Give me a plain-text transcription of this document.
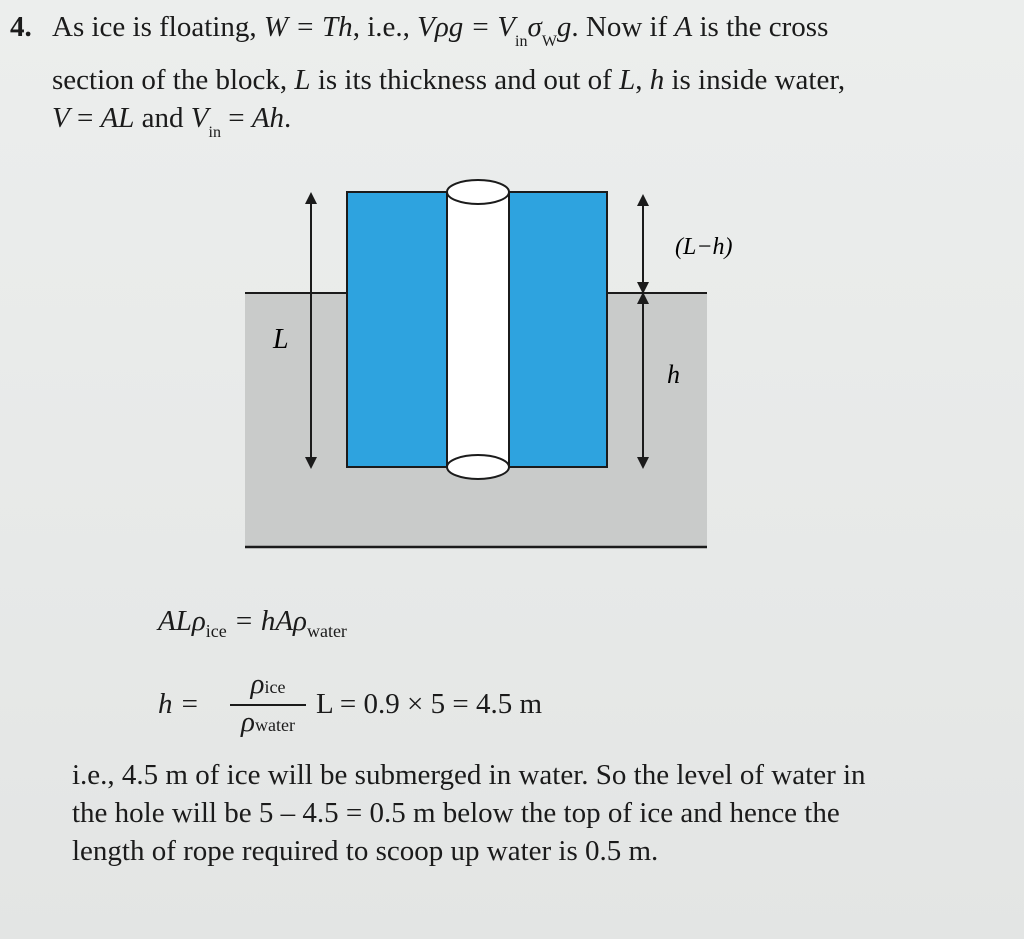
4. As ice is floating, W = Th, i.e., $V\rho g = V_{in}\sigma_Wg$. Now if A is the cross
section of the block, L is its thickness and out of L, h is inside water,
V = AL and $V_{in} = Ah$.
L
(L−h)
h
ALρ$_{ice}$ = hAρ$_{water}$
h =
ρice
ρwater
L = 0.9 × 5 = 4.5 m
i.e., 4.5 m of ice will be submerged in water. So the level of water in
the hole will be 5 – 4.5 = 0.5 m below the top of ice and hence the
length of rope required to scoop up water is 0.5 m.
